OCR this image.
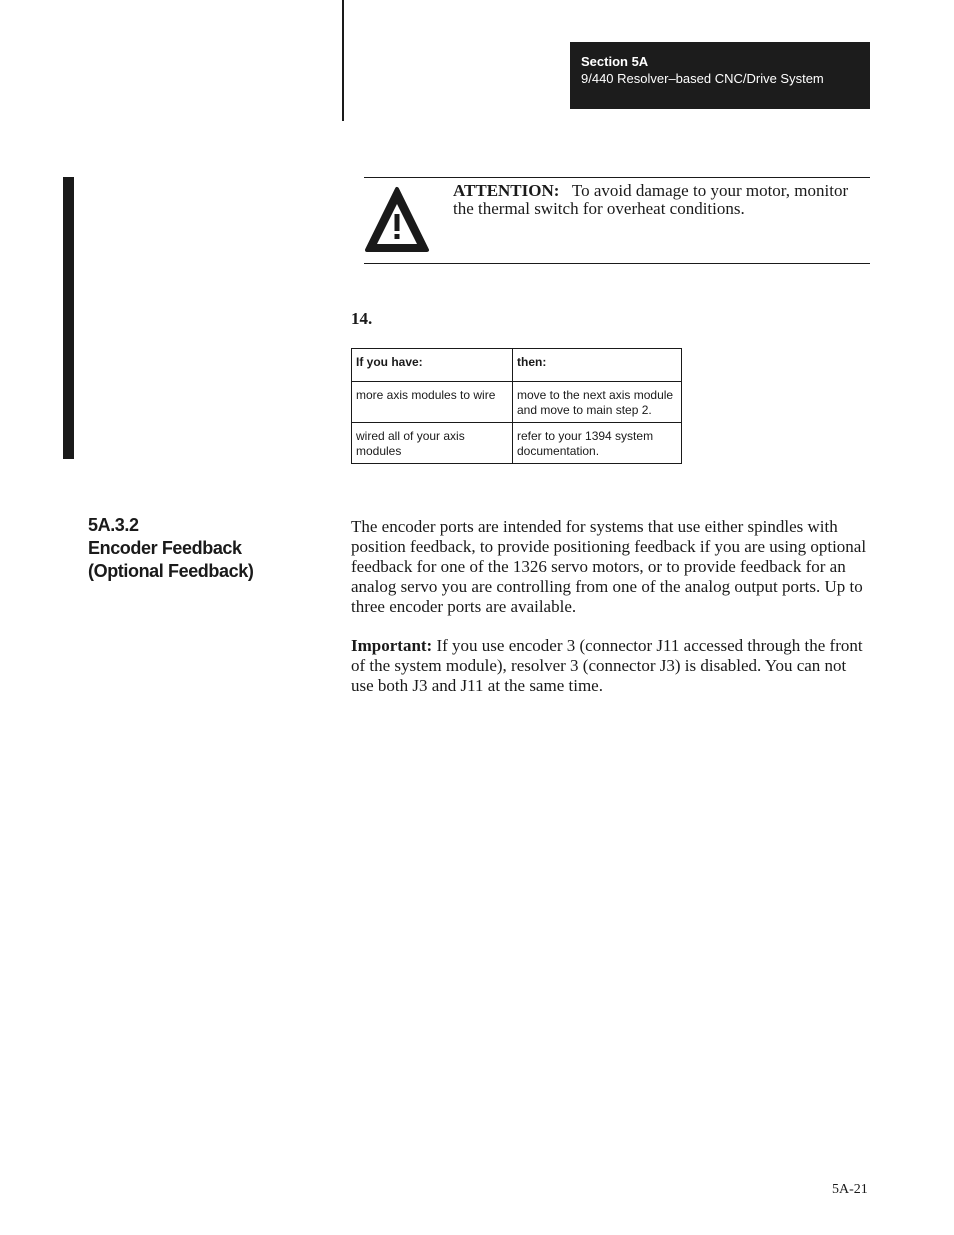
Section 5A
9/440 Resolver–based CNC/Drive System
ATTENTION: To avoid damage to your motor, monitor the thermal switch for overheat conditions.
14.
If you have:	then:
more axis modules to wire	move to the next axis module and move to main step 2.
wired all of your axis modules	refer to your 1394 system documentation.
5A.3.2
Encoder Feedback
(Optional Feedback)

The encoder ports are intended for systems that use either spindles with position feedback, to provide positioning feedback if you are using optional feedback for one of the 1326 servo motors, or to provide feedback for an analog servo you are controlling from one of the analog output ports. Up to three encoder ports are available.

Important: If you use encoder 3 (connector J11 accessed through the front of the system module), resolver 3 (connector J3) is disabled. You can not use both J3 and J11 at the same time.

5A-21
